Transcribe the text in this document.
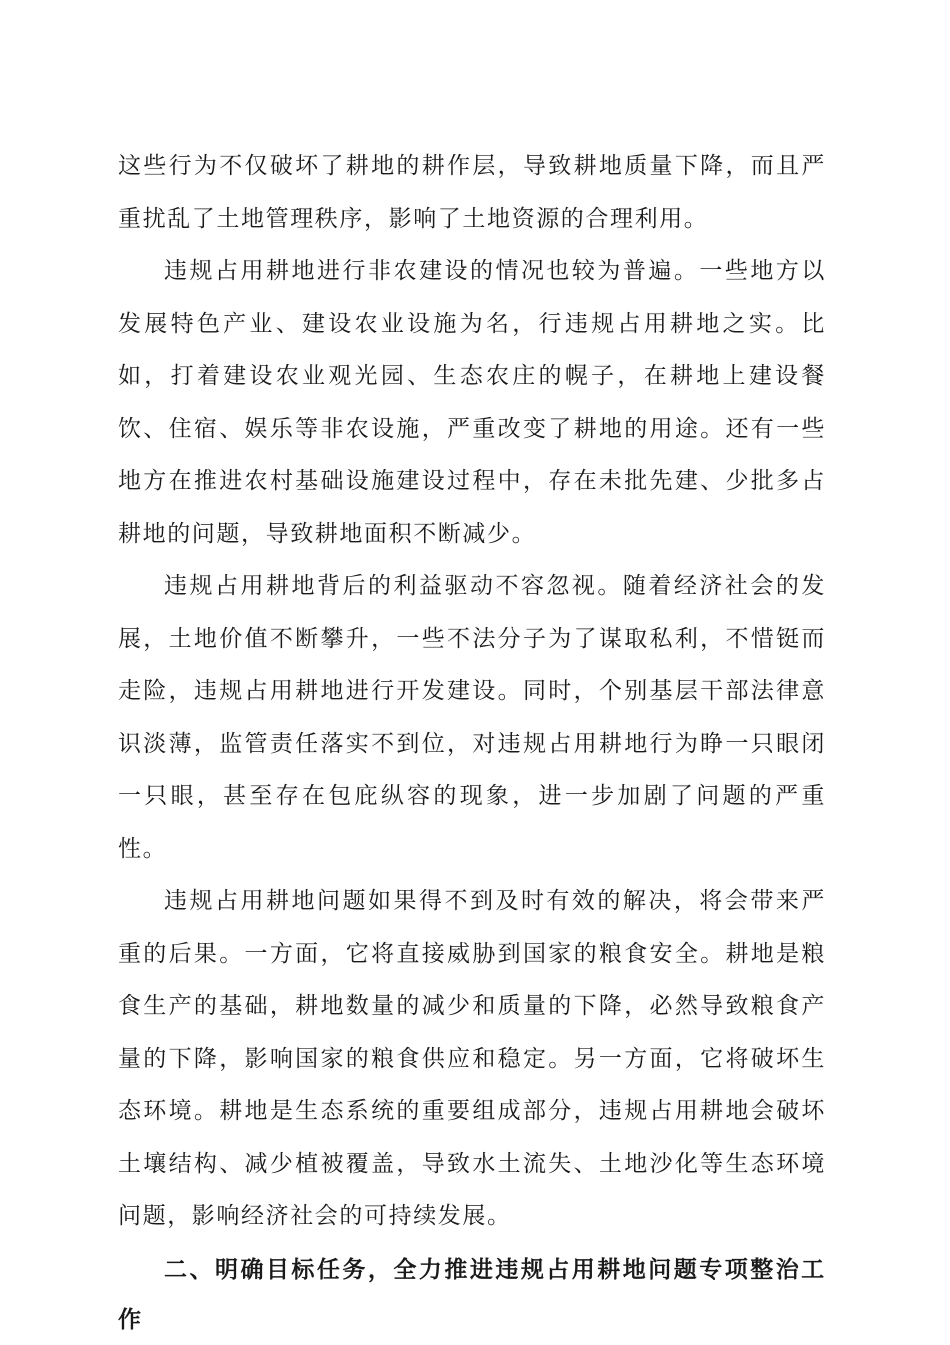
这些行为不仅破坏了耕地的耕作层，导致耕地质量下降，而且严重扰乱了土地管理秩序，影响了土地资源的合理利用。

违规占用耕地进行非农建设的情况也较为普遍。一些地方以发展特色产业、建设农业设施为名，行违规占用耕地之实。比如，打着建设农业观光园、生态农庄的幌子，在耕地上建设餐饮、住宿、娱乐等非农设施，严重改变了耕地的用途。还有一些地方在推进农村基础设施建设过程中，存在未批先建、少批多占耕地的问题，导致耕地面积不断减少。

违规占用耕地背后的利益驱动不容忽视。随着经济社会的发展，土地价值不断攀升，一些不法分子为了谋取私利，不惜铤而走险，违规占用耕地进行开发建设。同时，个别基层干部法律意识淡薄，监管责任落实不到位，对违规占用耕地行为睁一只眼闭一只眼，甚至存在包庇纵容的现象，进一步加剧了问题的严重性。

违规占用耕地问题如果得不到及时有效的解决，将会带来严重的后果。一方面，它将直接威胁到国家的粮食安全。耕地是粮食生产的基础，耕地数量的减少和质量的下降，必然导致粮食产量的下降，影响国家的粮食供应和稳定。另一方面，它将破坏生态环境。耕地是生态系统的重要组成部分，违规占用耕地会破坏土壤结构、减少植被覆盖，导致水土流失、土地沙化等生态环境问题，影响经济社会的可持续发展。

二、明确目标任务，全力推进违规占用耕地问题专项整治工作
